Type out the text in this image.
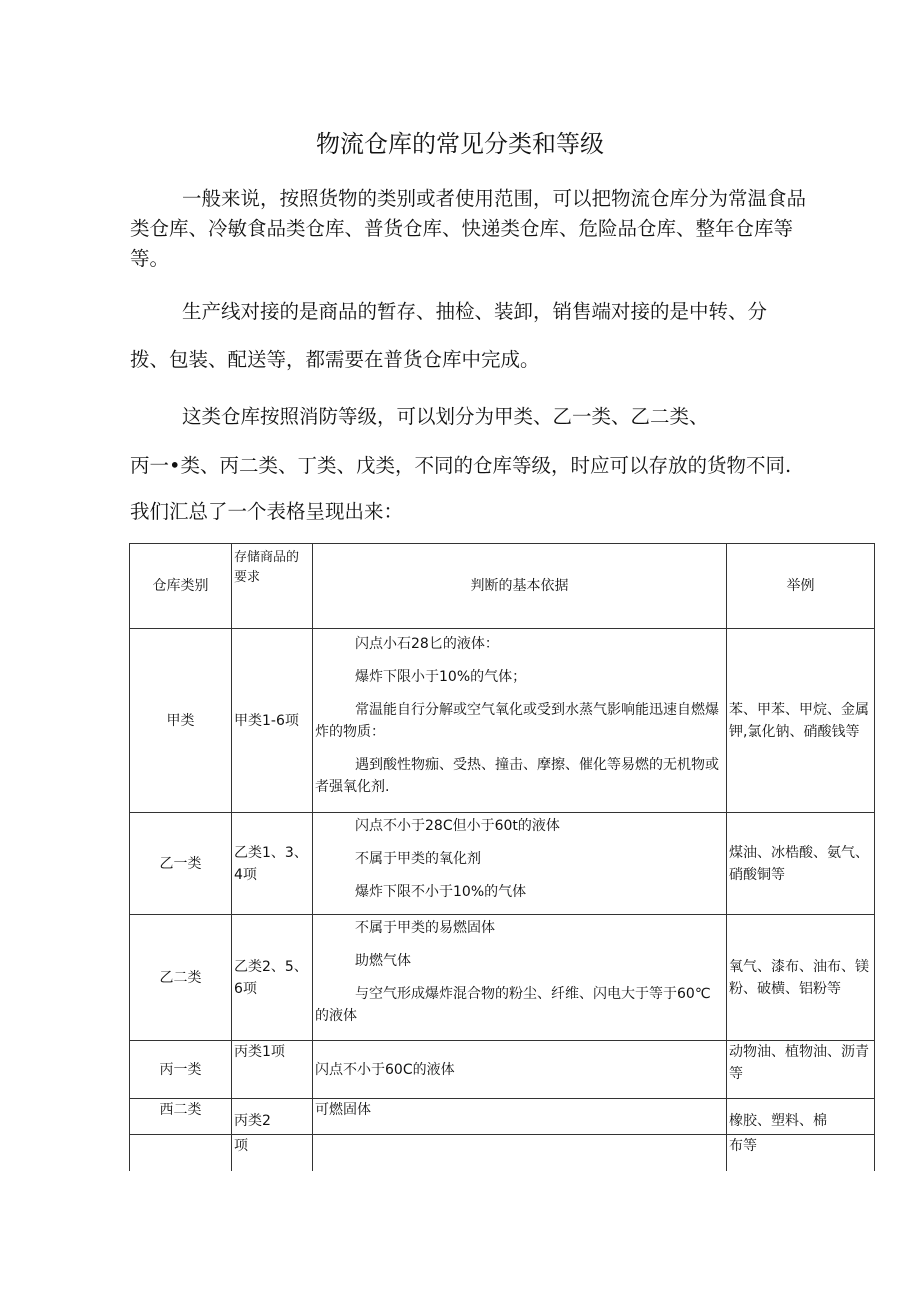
物流仓库的常见分类和等级
一般来说，按照货物的类别或者使用范围，可以把物流仓库分为常温食品
类仓库、冷敏食品类仓库、普货仓库、快递类仓库、危险品仓库、整年仓库等
等。
生产线对接的是商品的暂存、抽检、装卸，销售端对接的是中转、分
拨、包装、配送等，都需要在普货仓库中完成。
这类仓库按照消防等级，可以划分为甲类、乙一类、乙二类、
丙一•类、丙二类、丁类、戊类，不同的仓库等级，时应可以存放的货物不同.
我们汇总了一个表格呈现出来：
仓库类别	存储商品的要求	判断的基本依据	举例
甲类	甲类1-6项	闪点小石28匕的液体：

爆炸下限小于10%的气体；

常温能自行分解或空气氧化或受到水蒸气影响能迅速自燃爆炸的物质：

遇到酸性物痂、受热、撞击、摩擦、催化等易燃的无机物或者强氧化剂.	苯、甲苯、甲烷、金属钾,氯化钠、硝酸钱等
乙一类	乙类1、3、4项	闪点不小于28C但小于60t的液体

不属于甲类的氧化剂

爆炸下限不小于10%的气体	煤油、冰梏酸、氨气、硝酸铜等
乙二类	乙类2、5、6项	不属于甲类的易燃固体

助燃气体

与空气形成爆炸混合物的粉尘、纤维、闪电大于等于60℃的液体	氧气、漆布、油布、镁粉、破横、铝粉等
丙一类	丙类1项	闪点不小于60C的液体	动物油、植物油、沥青等
西二类	丙类2	可燃固体	橡胶、塑料、棉
	项		布等
